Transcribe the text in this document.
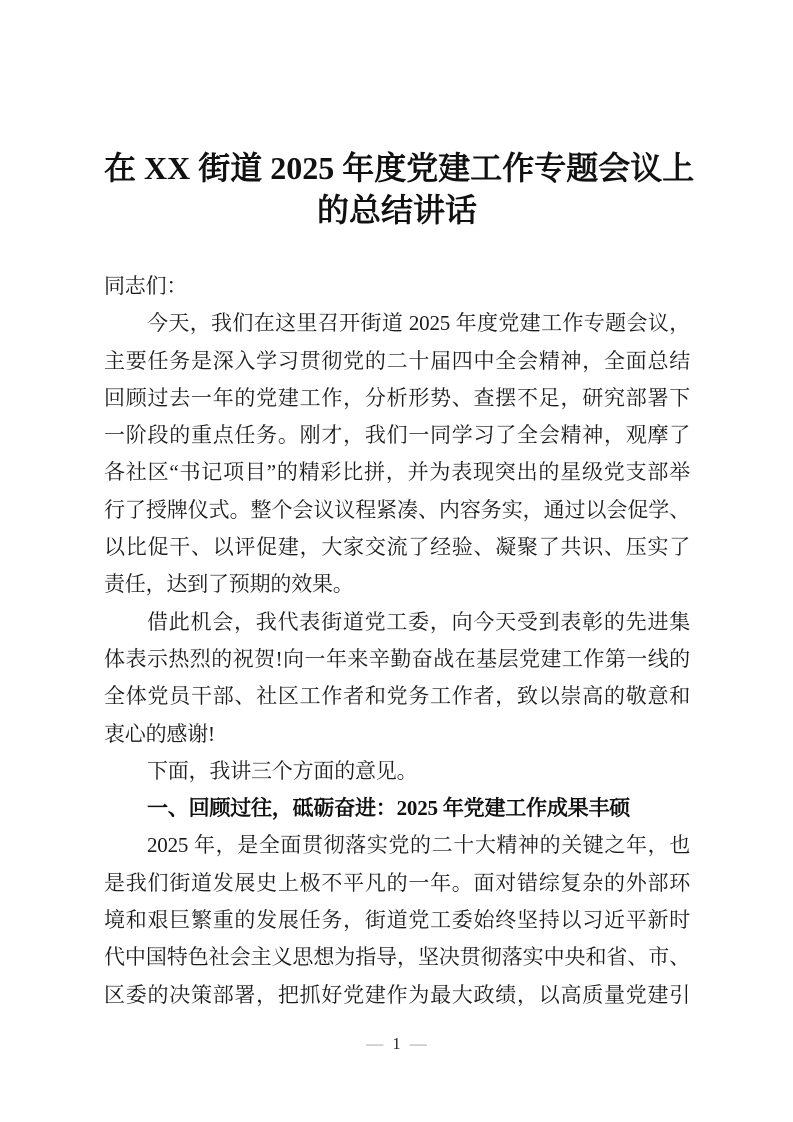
在 XX 街道 2025 年度党建工作专题会议上
的总结讲话

同志们：

今天，我们在这里召开街道 2025 年度党建工作专题会议，
主要任务是深入学习贯彻党的二十届四中全会精神，全面总结
回顾过去一年的党建工作，分析形势、查摆不足，研究部署下
一阶段的重点任务。刚才，我们一同学习了全会精神，观摩了
各社区“书记项目”的精彩比拼，并为表现突出的星级党支部举
行了授牌仪式。整个会议议程紧凑、内容务实，通过以会促学、
以比促干、以评促建，大家交流了经验、凝聚了共识、压实了
责任，达到了预期的效果。

借此机会，我代表街道党工委，向今天受到表彰的先进集
体表示热烈的祝贺!向一年来辛勤奋战在基层党建工作第一线的
全体党员干部、社区工作者和党务工作者，致以崇高的敬意和
衷心的感谢!

下面，我讲三个方面的意见。

一、回顾过往，砥砺奋进：2025 年党建工作成果丰硕

2025 年，是全面贯彻落实党的二十大精神的关键之年，也
是我们街道发展史上极不平凡的一年。面对错综复杂的外部环
境和艰巨繁重的发展任务，街道党工委始终坚持以习近平新时
代中国特色社会主义思想为指导，坚决贯彻落实中央和省、市、
区委的决策部署，把抓好党建作为最大政绩，以高质量党建引

— 1 —
